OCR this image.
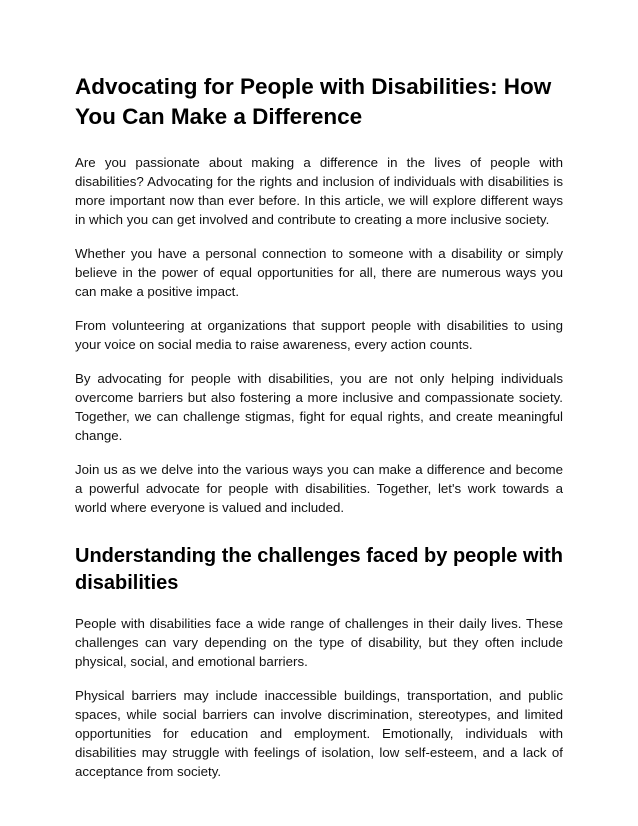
Advocating for People with Disabilities: How You Can Make a Difference

Are you passionate about making a difference in the lives of people with disabilities? Advocating for the rights and inclusion of individuals with disabilities is more important now than ever before. In this article, we will explore different ways in which you can get involved and contribute to creating a more inclusive society.

Whether you have a personal connection to someone with a disability or simply believe in the power of equal opportunities for all, there are numerous ways you can make a positive impact.

From volunteering at organizations that support people with disabilities to using your voice on social media to raise awareness, every action counts.

By advocating for people with disabilities, you are not only helping individuals overcome barriers but also fostering a more inclusive and compassionate society. Together, we can challenge stigmas, fight for equal rights, and create meaningful change.

Join us as we delve into the various ways you can make a difference and become a powerful advocate for people with disabilities. Together, let's work towards a world where everyone is valued and included.

Understanding the challenges faced by people with disabilities

People with disabilities face a wide range of challenges in their daily lives. These challenges can vary depending on the type of disability, but they often include physical, social, and emotional barriers.

Physical barriers may include inaccessible buildings, transportation, and public spaces, while social barriers can involve discrimination, stereotypes, and limited opportunities for education and employment. Emotionally, individuals with disabilities may struggle with feelings of isolation, low self-esteem, and a lack of acceptance from society.
